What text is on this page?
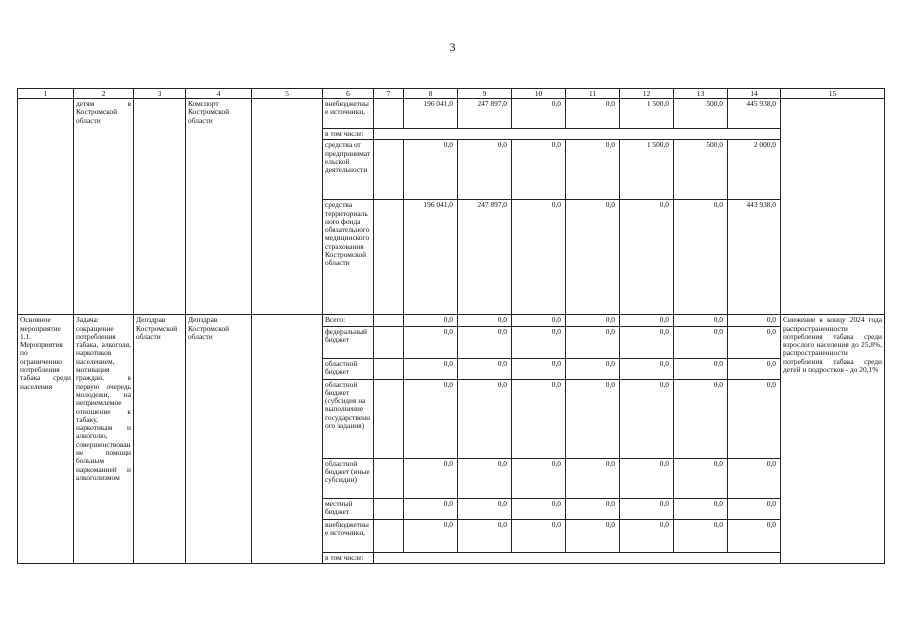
3
1	2	3	4	5	6	7	8	9	10	11	12	13	14	15
	детям в Костромской области		Комспорт Костромской области		внебюджетные источники,		196 041,0	247 897,0	0,0	0,0	1 500,0	500,0	445 938,0	
					в том числе:									
					средства от предпринимательской деятельности		0,0	0,0	0,0	0,0	1 500,0	500,0	2 000,0	
					средства территориального фонда обязательного медицинского страхования Костромской области		196 041,0	247 897,0	0,0	0,0	0,0	0,0	443 938,0	
Основное мероприятие 1.1. Мероприятия по ограничению потребления табака среди населения	Задача: сокращение потребления табака, алкоголя, наркотиков населением, мотивация граждан, в первую очередь молодежи, на неприемлемое отношение к табаку, наркотикам и алкоголю, совершенствование помощи больным наркоманией и алкоголизмом	Депздрав Костромской области	Депздрав Костромской области		Всего:		0,0	0,0	0,0	0,0	0,0	0,0	0,0	Снижение к концу 2024 года распространенности потребления табака среди взрослого населения до 25,8%, распространенности потребления табака среди детей и подростков - до 20,1%
					федеральный бюджет		0,0	0,0	0,0	0,0	0,0	0,0	0,0	
					областной бюджет		0,0	0,0	0,0	0,0	0,0	0,0	0,0	
					областной бюджет (субсидия на выполнение государственного задания)		0,0	0,0	0,0	0,0	0,0	0,0	0,0	
					областной бюджет (иные субсидии)		0,0	0,0	0,0	0,0	0,0	0,0	0,0	
					местный бюджет		0,0	0,0	0,0	0,0	0,0	0,0	0,0	
					внебюджетные источники,		0,0	0,0	0,0	0,0	0,0	0,0	0,0	
					в том числе:									
